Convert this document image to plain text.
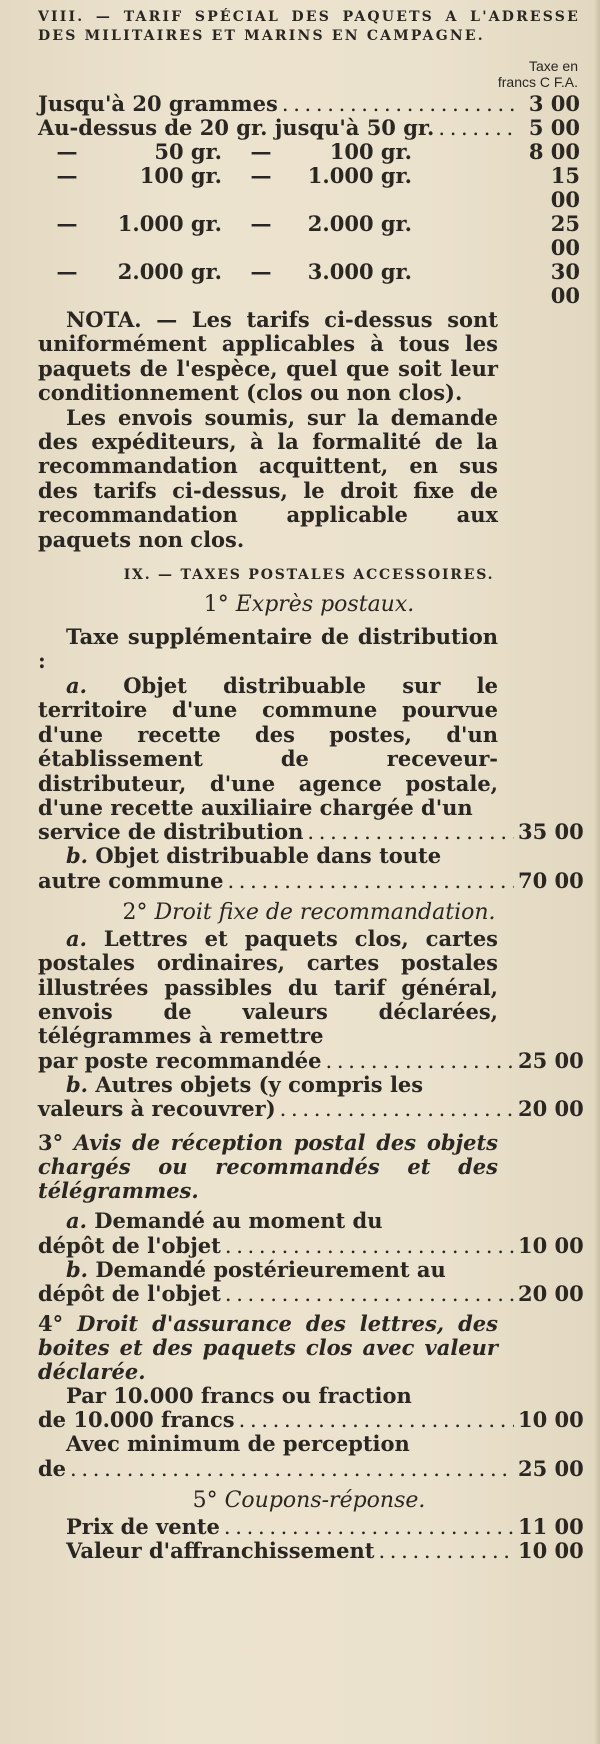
VIII. — TARIF SPÉCIAL DES PAQUETS A L'ADRESSE DES MILITAIRES ET MARINS EN CAMPAGNE.
Taxe en
francs C F.A.
Jusqu'à 20 grammes . . .	3 00
Au-dessus de 20 gr. jusqu'à 50 gr. . . .	5 00
—	50 gr.	—	100 gr.	8 00
—	100 gr.	—	1.000 gr.	15 00
—	1.000 gr.	—	2.000 gr.	25 00
—	2.000 gr.	—	3.000 gr.	30 00
NOTA. — Les tarifs ci-dessus sont uniformément applicables à tous les paquets de l'espèce, quel que soit leur conditionnement (clos ou non clos).
Les envois soumis, sur la demande des expéditeurs, à la formalité de la recommandation acquittent, en sus des tarifs ci-dessus, le droit fixe de recommandation applicable aux paquets non clos.
IX. — TAXES POSTALES ACCESSOIRES.
1° Exprès postaux.
Taxe supplémentaire de distribution :
a. Objet distribuable sur le territoire d'une commune pourvue d'une recette des postes, d'un établissement de receveur-distributeur, d'une agence postale, d'une recette auxiliaire chargée d'un
service de distribution . . .	35 00
b. Objet distribuable dans toute
autre commune . . .	70 00
2° Droit fixe de recommandation.
a. Lettres et paquets clos, cartes postales ordinaires, cartes postales illustrées passibles du tarif général, envois de valeurs déclarées, télégrammes à remettre
par poste recommandée . . .	25 00
b. Autres objets (y compris les
valeurs à recouvrer) . . .	20 00
3° Avis de réception postal des objets chargés ou recommandés et des télégrammes.
a. Demandé au moment du
dépôt de l'objet . . .	10 00
b. Demandé postérieurement au
dépôt de l'objet . . .	20 00
4° Droit d'assurance des lettres, des boites et des paquets clos avec valeur déclarée.
Par 10.000 francs ou fraction
de 10.000 francs . . .	10 00
Avec minimum de perception
de . . .	25 00
5° Coupons-réponse.
Prix de vente . . .	11 00
Valeur d'affranchissement . . .	10 00
